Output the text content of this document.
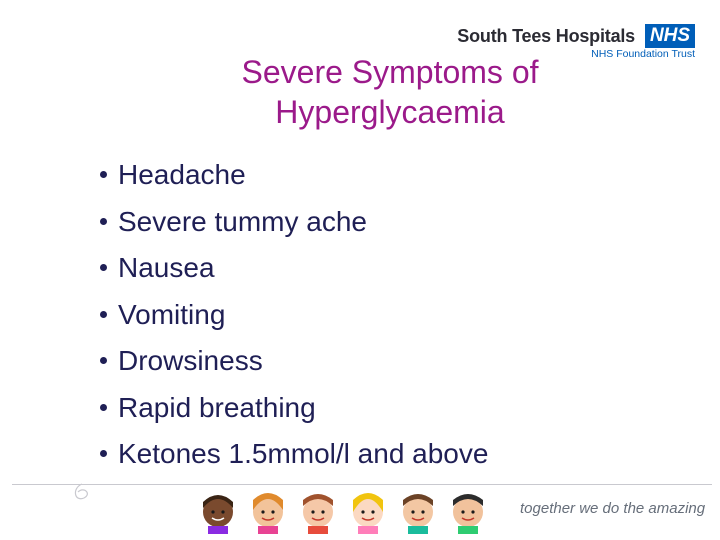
South Tees Hospitals NHS
NHS Foundation Trust
Severe Symptoms of
Hyperglycaemia
Headache
Severe tummy ache
Nausea
Vomiting
Drowsiness
Rapid breathing
Ketones 1.5mmol/l and above
together we do the amazing
